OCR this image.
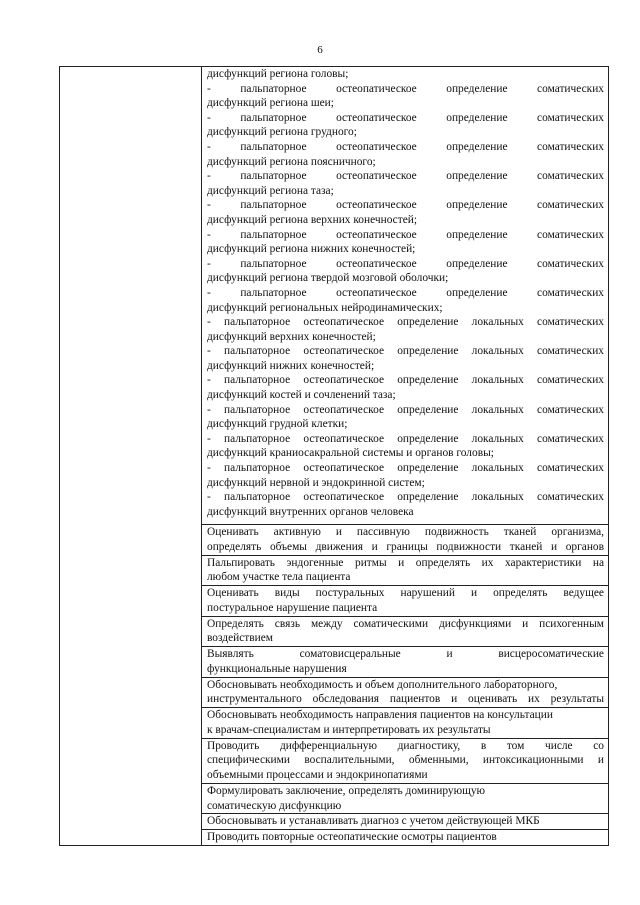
6

дисфункций региона головы;
-	пальпаторное	остеопатическое	определение	соматических
дисфункций региона шеи;
-	пальпаторное	остеопатическое	определение	соматических
дисфункций региона грудного;
-	пальпаторное	остеопатическое	определение	соматических
дисфункций региона поясничного;
-	пальпаторное	остеопатическое	определение	соматических
дисфункций региона таза;
-	пальпаторное	остеопатическое	определение	соматических
дисфункций региона верхних конечностей;
-	пальпаторное	остеопатическое	определение	соматических
дисфункций региона нижних конечностей;
-	пальпаторное	остеопатическое	определение	соматических
дисфункций региона твердой мозговой оболочки;
-	пальпаторное	остеопатическое	определение	соматических
дисфункций региональных нейродинамических;
- пальпаторное остеопатическое определение локальных соматических
дисфункций верхних конечностей;
- пальпаторное остеопатическое определение локальных соматических
дисфункций нижних конечностей;
- пальпаторное остеопатическое определение локальных соматических
дисфункций костей и сочленений таза;
- пальпаторное остеопатическое определение локальных соматических
дисфункций грудной клетки;
- пальпаторное остеопатическое определение локальных соматических
дисфункций краниосакральной системы и органов головы;
- пальпаторное остеопатическое определение локальных соматических
дисфункций нервной и эндокринной систем;
- пальпаторное остеопатическое определение локальных соматических
дисфункций внутренних органов человека

Оценивать активную и пассивную подвижность тканей организма,
определять объемы движения и границы подвижности тканей и органов

Пальпировать эндогенные ритмы и определять их характеристики на
любом участке тела пациента

Оценивать виды постуральных нарушений и определять ведущее
постуральное нарушение пациента

Определять связь между соматическими дисфункциями и психогенным
воздействием

Выявлять	соматовисцеральные	и	висцеросоматические
функциональные нарушения

Обосновывать необходимость и объем дополнительного лабораторного,
инструментального обследования пациентов и оценивать их результаты

Обосновывать необходимость направления пациентов на консультации
к врачам-специалистам и интерпретировать их результаты

Проводить дифференциальную диагностику, в том числе со
специфическими воспалительными, обменными, интоксикационными и
объемными процессами и эндокринопатиями

Формулировать заключение, определять доминирующую
соматическую дисфункцию

Обосновывать и устанавливать диагноз с учетом действующей МКБ

Проводить повторные остеопатические осмотры пациентов
